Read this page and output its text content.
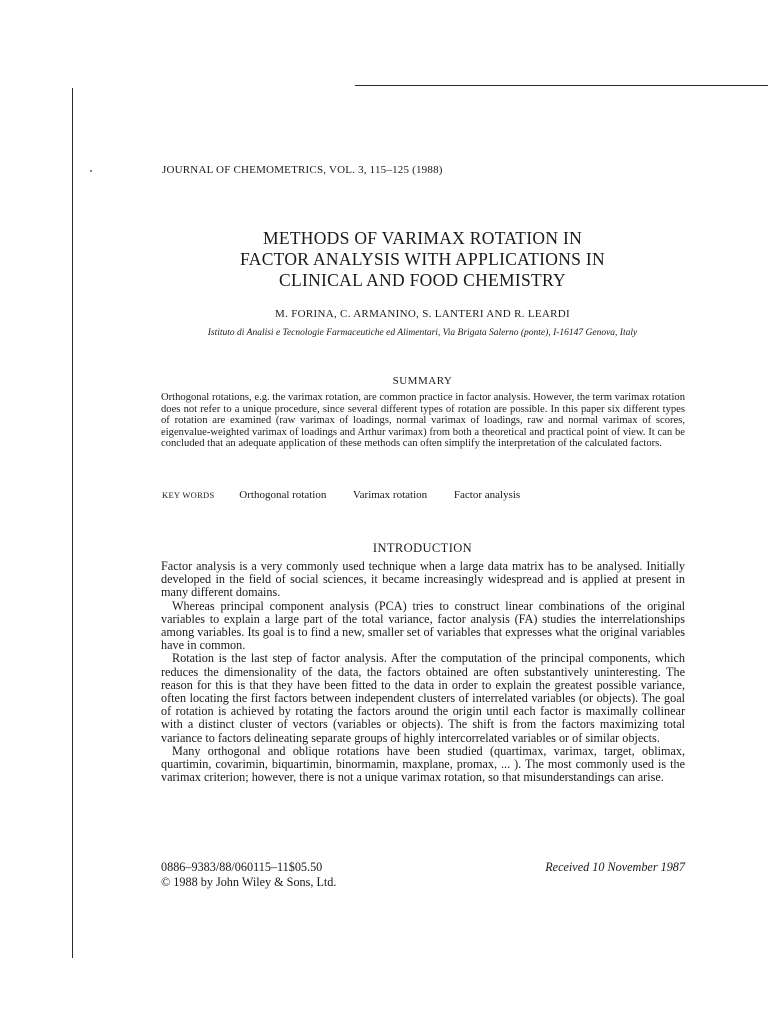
JOURNAL OF CHEMOMETRICS, VOL. 3, 115–125 (1988)
METHODS OF VARIMAX ROTATION IN
FACTOR ANALYSIS WITH APPLICATIONS IN
CLINICAL AND FOOD CHEMISTRY
M. FORINA, C. ARMANINO, S. LANTERI AND R. LEARDI
Istituto di Analisi e Tecnologie Farmaceutiche ed Alimentari, Via Brigata Salerno (ponte), I-16147 Genova, Italy
SUMMARY
Orthogonal rotations, e.g. the varimax rotation, are common practice in factor analysis. However, the term varimax rotation does not refer to a unique procedure, since several different types of rotation are possible. In this paper six different types of rotation are examined (raw varimax of loadings, normal varimax of loadings, raw and normal varimax of scores, eigenvalue-weighted varimax of loadings and Arthur varimax) from both a theoretical and practical point of view. It can be concluded that an adequate application of these methods can often simplify the interpretation of the calculated factors.
KEY WORDS Orthogonal rotation Varimax rotation Factor analysis
INTRODUCTION

Factor analysis is a very commonly used technique when a large data matrix has to be analysed. Initially developed in the field of social sciences, it became increasingly widespread and is applied at present in many different domains.

Whereas principal component analysis (PCA) tries to construct linear combinations of the original variables to explain a large part of the total variance, factor analysis (FA) studies the interrelationships among variables. Its goal is to find a new, smaller set of variables that expresses what the original variables have in common.

Rotation is the last step of factor analysis. After the computation of the principal components, which reduces the dimensionality of the data, the factors obtained are often substantively uninteresting. The reason for this is that they have been fitted to the data in order to explain the greatest possible variance, often locating the first factors between independent clusters of interrelated variables (or objects). The goal of rotation is achieved by rotating the factors around the origin until each factor is maximally collinear with a distinct cluster of vectors (variables or objects). The shift is from the factors maximizing total variance to factors delineating separate groups of highly intercorrelated variables or of similar objects.

Many orthogonal and oblique rotations have been studied (quartimax, varimax, target, oblimax, quartimin, covarimin, biquartimin, binormamin, maxplane, promax, ... ). The most commonly used is the varimax criterion; however, there is not a unique varimax rotation, so that misunderstandings can arise.

0886–9383/88/060115–11$05.50
© 1988 by John Wiley & Sons, Ltd.
Received 10 November 1987
